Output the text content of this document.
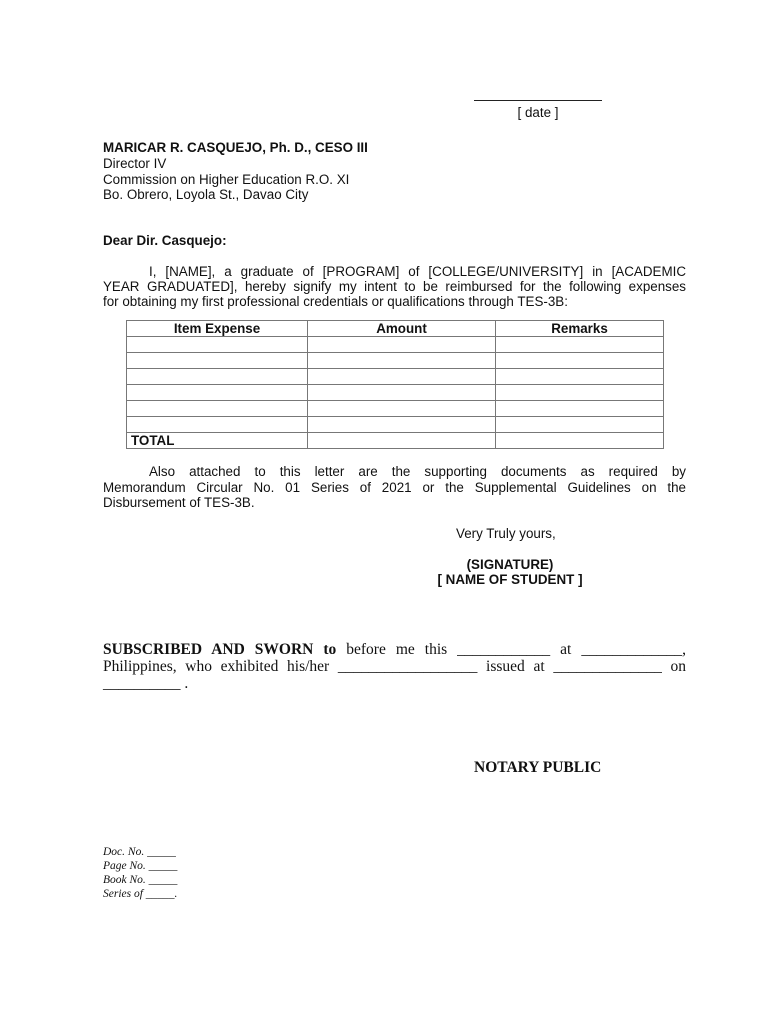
[ date ]
MARICAR R. CASQUEJO, Ph. D., CESO III
Director IV
Commission on Higher Education R.O. XI
Bo. Obrero, Loyola St., Davao City
Dear Dir. Casquejo:
I, [NAME], a graduate of [PROGRAM] of [COLLEGE/UNIVERSITY] in [ACADEMIC
YEAR GRADUATED], hereby signify my intent to be reimbursed for the following expenses
for obtaining my first professional credentials or qualifications through TES-3B:
Item Expense	Amount	Remarks

TOTAL		
Also attached to this letter are the supporting documents as required by
Memorandum Circular No. 01 Series of 2021 or the Supplemental Guidelines on the
Disbursement of TES-3B.
Very Truly yours,
(SIGNATURE)
[ NAME OF STUDENT ]
SUBSCRIBED AND SWORN to before me this ____________ at _____________,
Philippines, who exhibited his/her __________________ issued at ______________ on
__________ .
NOTARY PUBLIC
Doc. No. _____
Page No. _____
Book No. _____
Series of _____.
